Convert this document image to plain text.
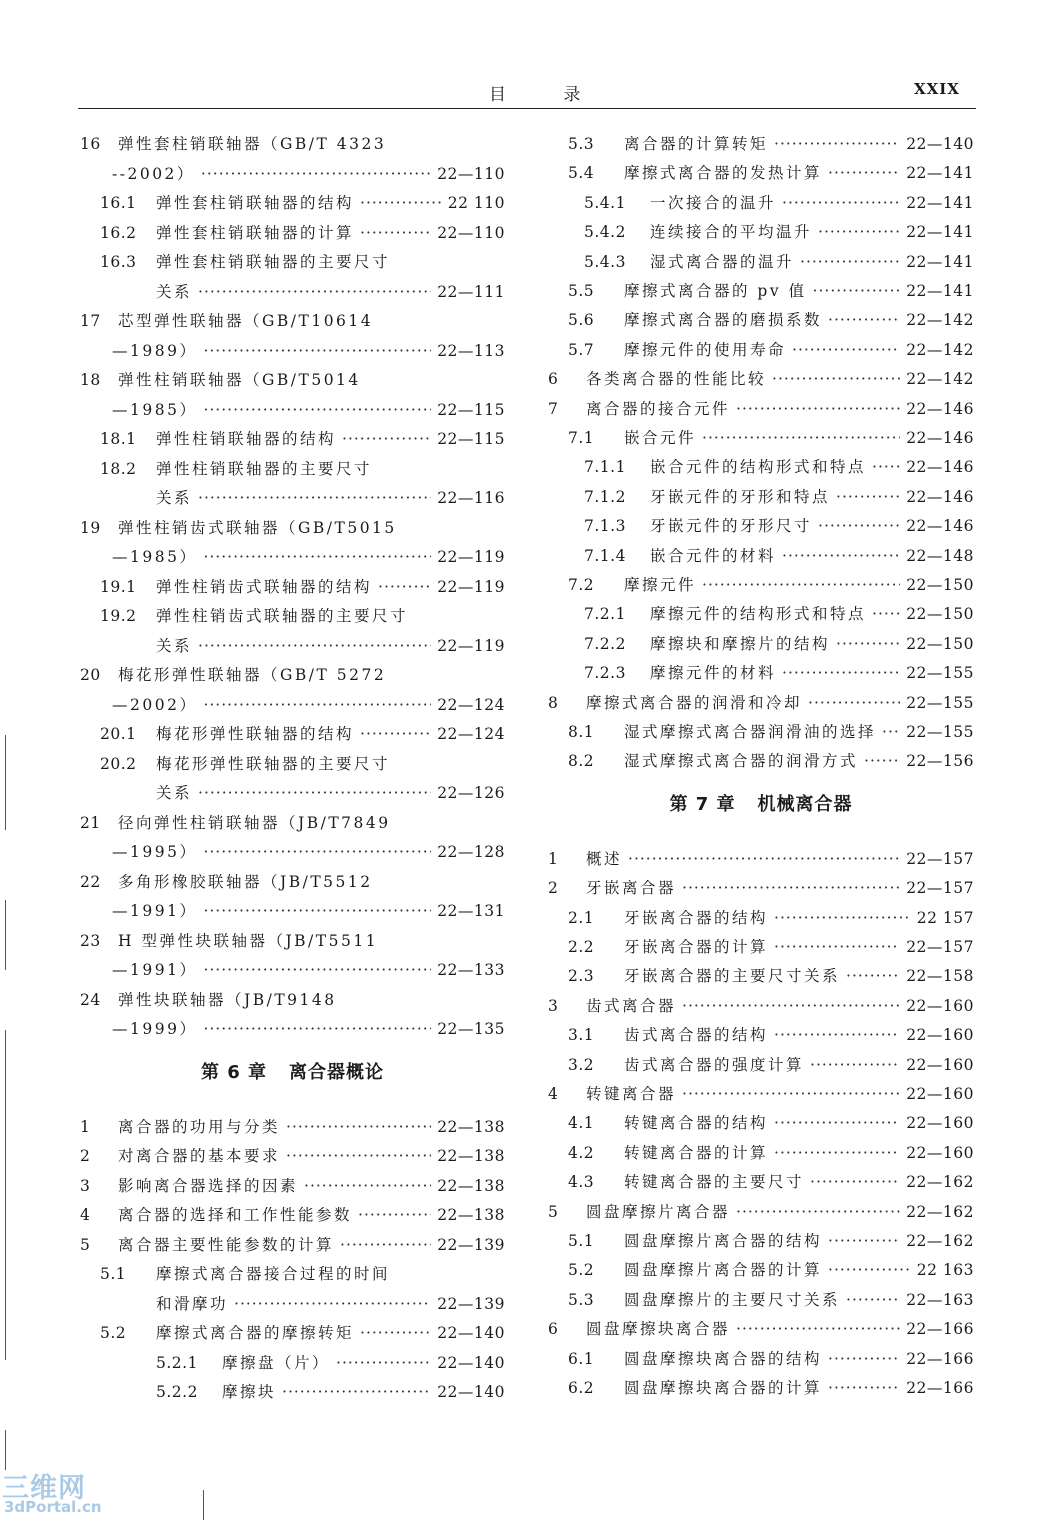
目 录	XXIX
16	弹性套柱销联轴器（GB/T 4323
--2002） ·····	22—110
16.1	弹性套柱销联轴器的结构 ·····	22 110
16.2	弹性套柱销联轴器的计算 ·····	22—110
16.3	弹性套柱销联轴器的主要尺寸
关系 ·····	22—111
17	芯型弹性联轴器（GB/T10614
—1989） ·····	22—113
18	弹性柱销联轴器（GB/T5014
—1985） ·····	22—115
18.1	弹性柱销联轴器的结构 ·····	22—115
18.2	弹性柱销联轴器的主要尺寸
关系 ·····	22—116
19	弹性柱销齿式联轴器（GB/T5015
—1985） ·····	22—119
19.1	弹性柱销齿式联轴器的结构 ·····	22—119
19.2	弹性柱销齿式联轴器的主要尺寸
关系 ·····	22—119
20	梅花形弹性联轴器（GB/T 5272
—2002） ·····	22—124
20.1	梅花形弹性联轴器的结构 ·····	22—124
20.2	梅花形弹性联轴器的主要尺寸
关系 ·····	22—126
21	径向弹性柱销联轴器（JB/T7849
—1995） ·····	22—128
22	多角形橡胶联轴器（JB/T5512
—1991） ·····	22—131
23	H 型弹性块联轴器（JB/T5511
—1991） ·····	22—133
24	弹性块联轴器（JB/T9148
—1999） ·····	22—135
第 6 章 离合器概论
1	离合器的功用与分类 ·····	22—138
2	对离合器的基本要求 ·····	22—138
3	影响离合器选择的因素 ·····	22—138
4	离合器的选择和工作性能参数 ·····	22—138
5	离合器主要性能参数的计算 ·····	22—139
5.1	摩擦式离合器接合过程的时间
和滑摩功 ·····	22—139
5.2	摩擦式离合器的摩擦转矩 ·····	22—140
5.2.1	摩擦盘（片） ·····	22—140
5.2.2	摩擦块 ·····	22—140
5.3	离合器的计算转矩 ·····	22—140
5.4	摩擦式离合器的发热计算 ·····	22—141
5.4.1	一次接合的温升 ·····	22—141
5.4.2	连续接合的平均温升 ·····	22—141
5.4.3	湿式离合器的温升 ·····	22—141
5.5	摩擦式离合器的 pv 值 ·····	22—141
5.6	摩擦式离合器的磨损系数 ·····	22—142
5.7	摩擦元件的使用寿命 ·····	22—142
6	各类离合器的性能比较 ·····	22—142
7	离合器的接合元件 ·····	22—146
7.1	嵌合元件 ·····	22—146
7.1.1	嵌合元件的结构形式和特点 ·····	22—146
7.1.2	牙嵌元件的牙形和特点 ·····	22—146
7.1.3	牙嵌元件的牙形尺寸 ·····	22—146
7.1.4	嵌合元件的材料 ·····	22—148
7.2	摩擦元件 ·····	22—150
7.2.1	摩擦元件的结构形式和特点 ·····	22—150
7.2.2	摩擦块和摩擦片的结构 ·····	22—150
7.2.3	摩擦元件的材料 ·····	22—155
8	摩擦式离合器的润滑和冷却 ·····	22—155
8.1	湿式摩擦式离合器润滑油的选择 ····· 22—155
8.2	湿式摩擦式离合器的润滑方式 ·····	22—156
第 7 章 机械离合器
1	概述 ·····	22—157
2	牙嵌离合器 ·····	22—157
2.1	牙嵌离合器的结构 ·····	22 157
2.2	牙嵌离合器的计算 ·····	22—157
2.3	牙嵌离合器的主要尺寸关系 ·····	22—158
3	齿式离合器 ·····	22—160
3.1	齿式离合器的结构 ·····	22—160
3.2	齿式离合器的强度计算 ·····	22—160
4	转键离合器 ·····	22—160
4.1	转键离合器的结构 ·····	22—160
4.2	转键离合器的计算 ·····	22—160
4.3	转键离合器的主要尺寸 ·····	22—162
5	圆盘摩擦片离合器 ·····	22—162
5.1	圆盘摩擦片离合器的结构 ·····	22—162
5.2	圆盘摩擦片离合器的计算 ·····	22 163
5.3	圆盘摩擦片的主要尺寸关系 ·····	22—163
6	圆盘摩擦块离合器 ·····	22—166
6.1	圆盘摩擦块离合器的结构 ·····	22—166
6.2	圆盘摩擦块离合器的计算 ·····	22—166
三维网
3dPortal.cn
